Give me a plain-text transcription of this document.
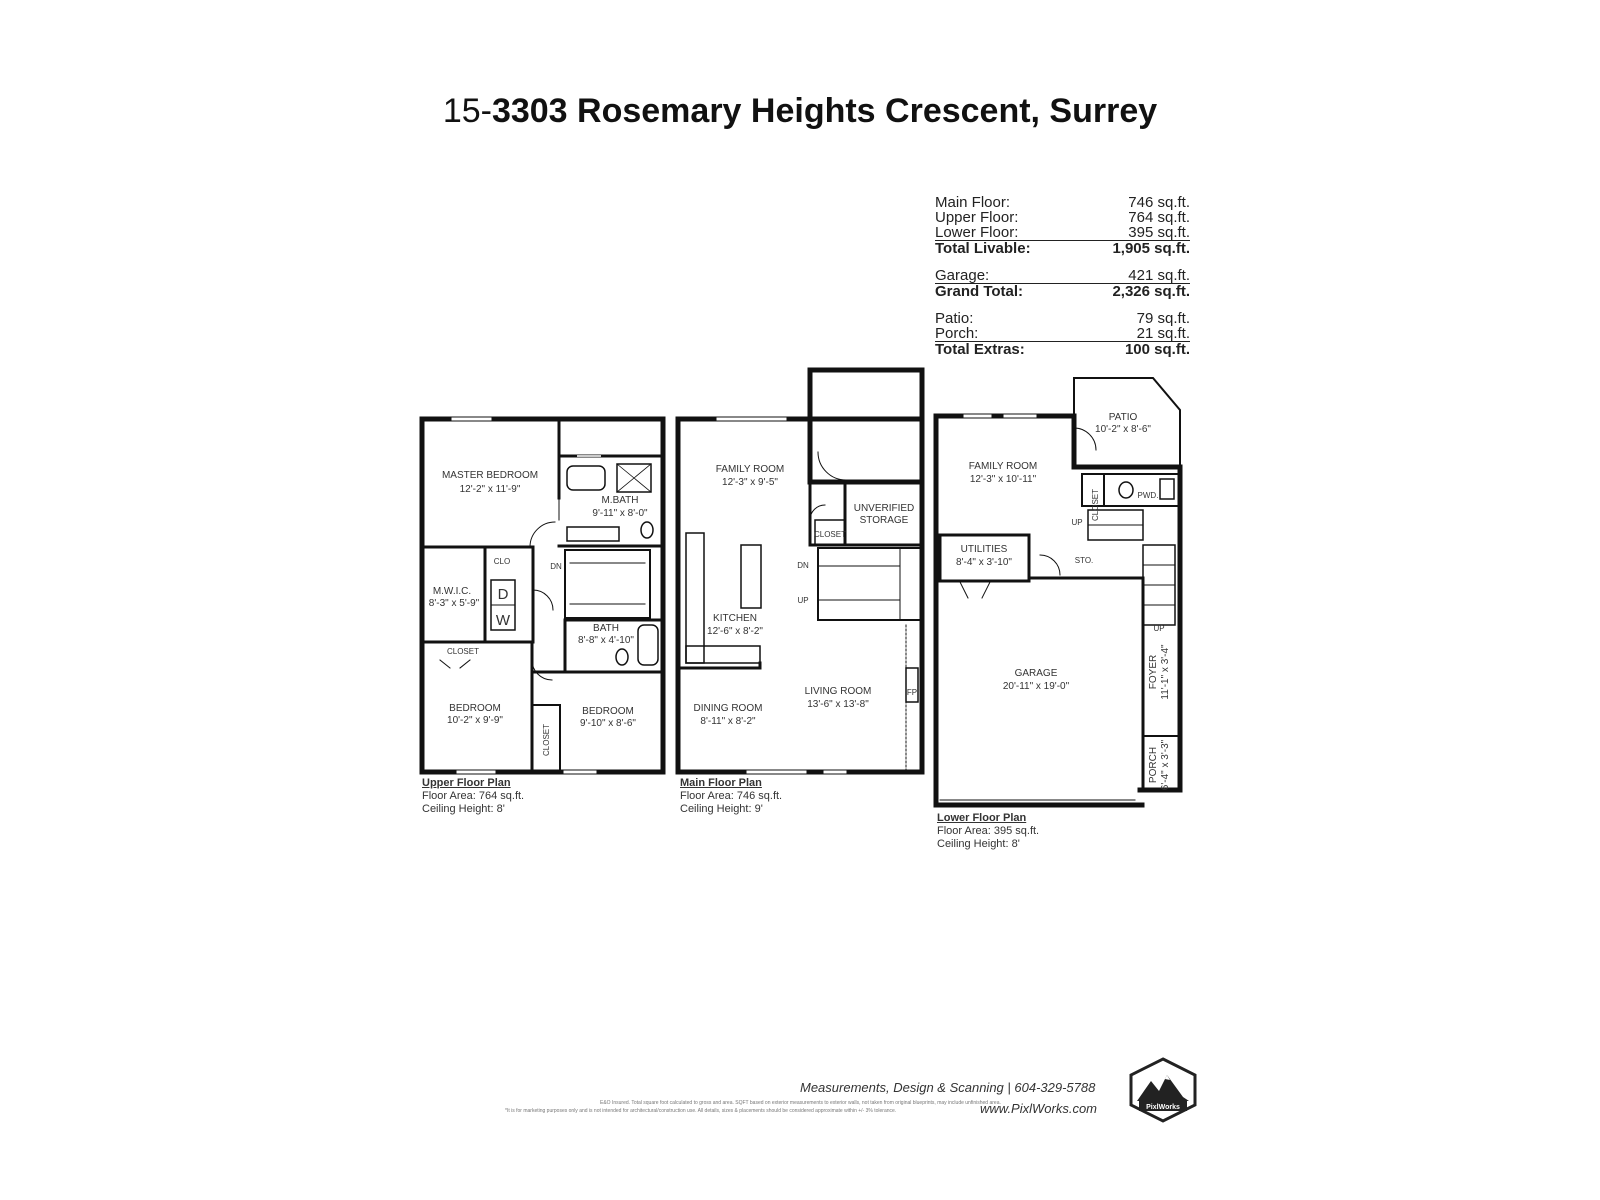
15-3303 Rosemary Heights Crescent, Surrey
Main Floor:	746 sq.ft.
Upper Floor:	764 sq.ft.
Lower Floor:	395 sq.ft.
Total Livable:	1,905 sq.ft.
Garage:	421 sq.ft.
Grand Total:	2,326 sq.ft.
Patio:	79 sq.ft.
Porch:	21 sq.ft.
Total Extras:	100 sq.ft.
MASTER BEDROOM
12'-2" x 11'-9"
M.BATH
9'-11" x 8'-0"
CLO
DN
M.W.I.C.
8'-3" x 5'-9"
D
W	BATH
8'-8" x 4'-10"
CLOSET
BEDROOM
10'-2" x 9'-9"
BEDROOM
9'-10" x 8'-6"
CLOSET
FAMILY ROOM
12'-3" x 9'-5"
UNVERIFIED
STORAGE
CLOSET
DN
UP
KITCHEN
12'-6" x 8'-2"
LIVING ROOM
13'-6" x 13'-8"
DINING ROOM
8'-11" x 8'-2"
FP
PATIO
10'-2" x 8'-6"
FAMILY ROOM
12'-3" x 10'-11"
CLOSET	PWD.
UP
UTILITIES
8'-4" x 3'-10"	STO.
UP
GARAGE
20'-11" x 19'-0"	FOYER 11'-1" x 3'-4"
PORCH 6'-4" x 3'-3"
Upper Floor Plan
Floor Area: 764 sq.ft.
Ceiling Height: 8'
Main Floor Plan
Floor Area: 746 sq.ft.
Ceiling Height: 9'
Lower Floor Plan
Floor Area: 395 sq.ft.
Ceiling Height: 8'
Measurements, Design & Scanning | 604-329-5788
E&O Insured. Total square foot calculated to gross and area. SQFT based on exterior measurements to exterior walls, not taken from original blueprints, may include unfinished area.
*It is for marketing purposes only and is not intended for architectural/construction use. All details, sizes & placements should be considered approximate within +/- 3% tolerance.	www.PixlWorks.com	PixlWorks
